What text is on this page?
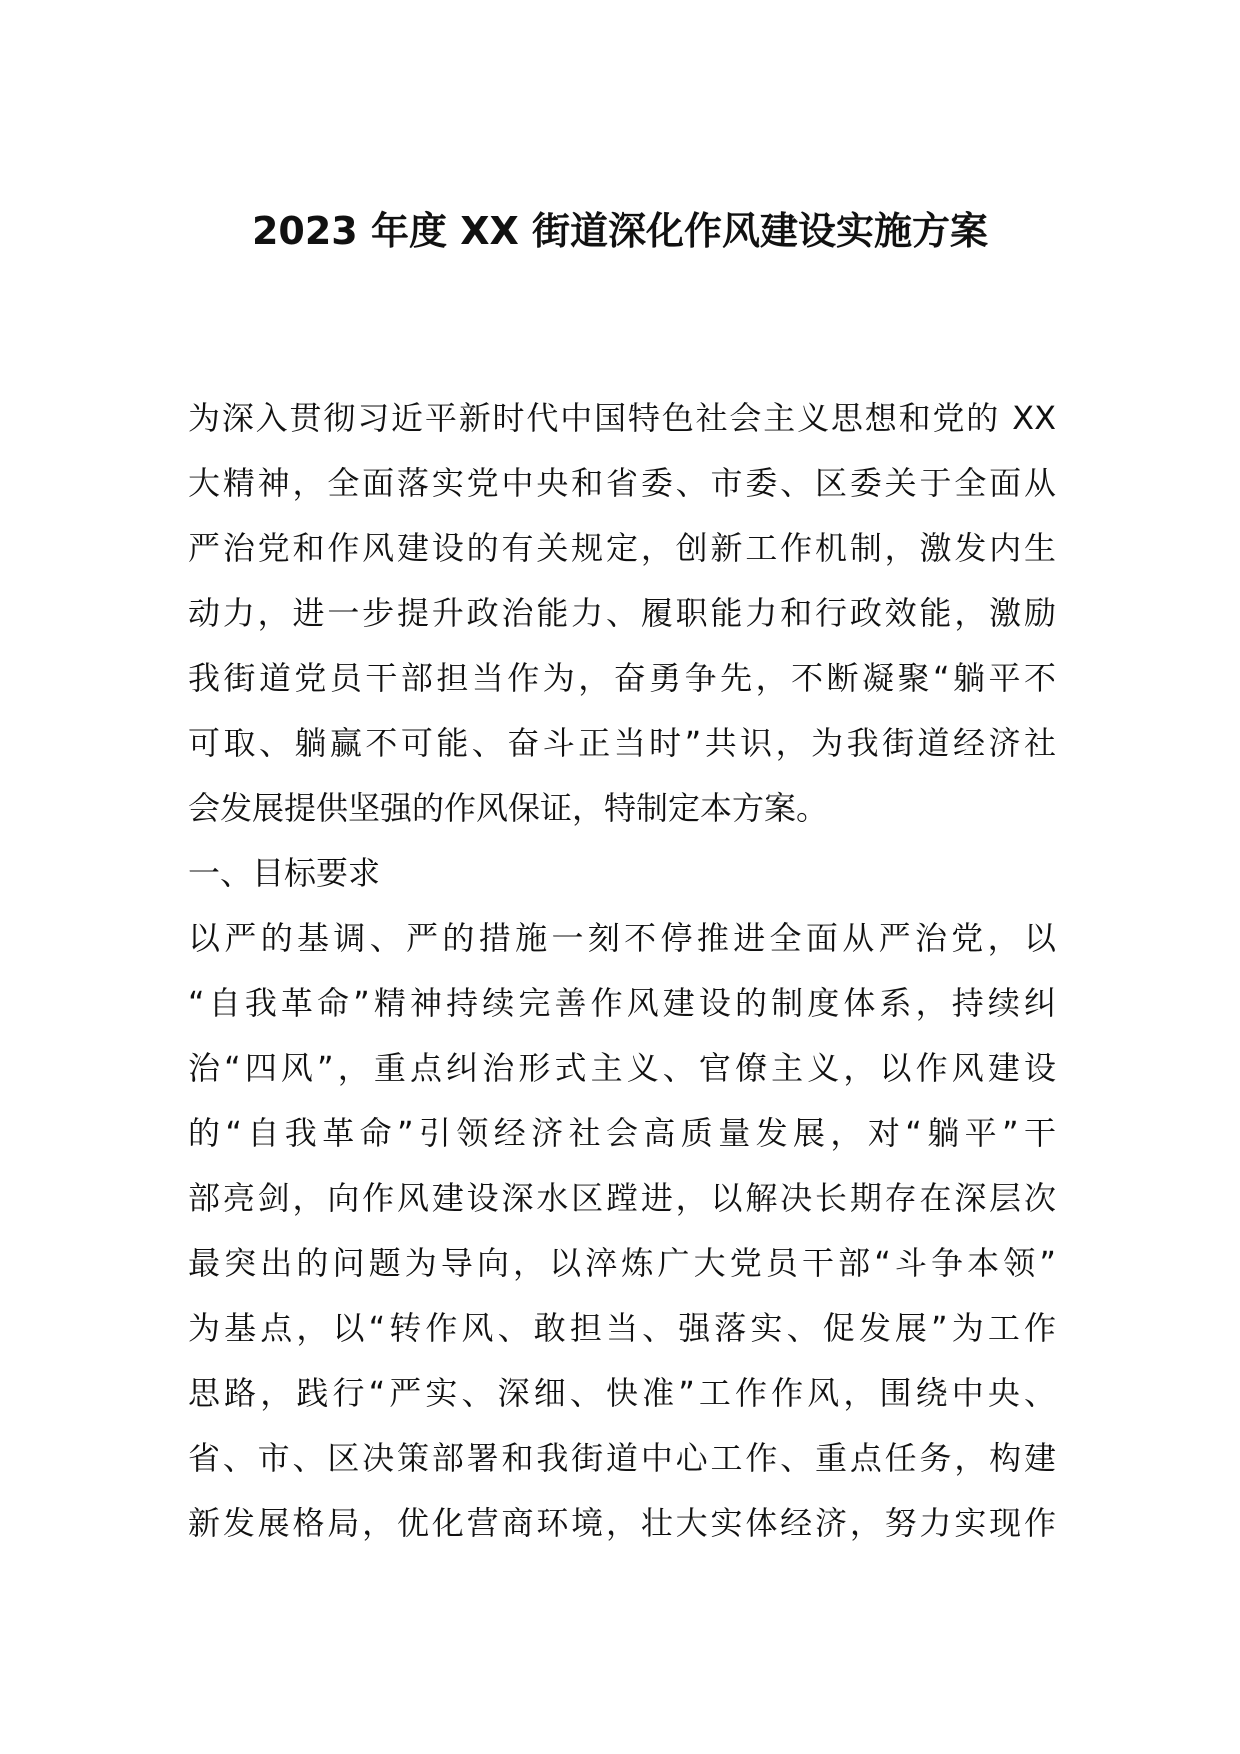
2023 年度 XX 街道深化作风建设实施方案
为深入贯彻习近平新时代中国特色社会主义思想和党的 XX
大精神，全面落实党中央和省委、市委、区委关于全面从
严治党和作风建设的有关规定，创新工作机制，激发内生
动力，进一步提升政治能力、履职能力和行政效能，激励
我街道党员干部担当作为，奋勇争先，不断凝聚“躺平不
可取、躺赢不可能、奋斗正当时”共识，为我街道经济社
会发展提供坚强的作风保证，特制定本方案。
一、目标要求
以严的基调、严的措施一刻不停推进全面从严治党，以
“自我革命”精神持续完善作风建设的制度体系，持续纠
治“四风”，重点纠治形式主义、官僚主义，以作风建设
的“自我革命”引领经济社会高质量发展，对“躺平”干
部亮剑，向作风建设深水区蹚进，以解决长期存在深层次
最突出的问题为导向，以淬炼广大党员干部“斗争本领”
为基点，以“转作风、敢担当、强落实、促发展”为工作
思路，践行“严实、深细、快准”工作作风，围绕中央、
省、市、区决策部署和我街道中心工作、重点任务，构建
新发展格局，优化营商环境，壮大实体经济，努力实现作
